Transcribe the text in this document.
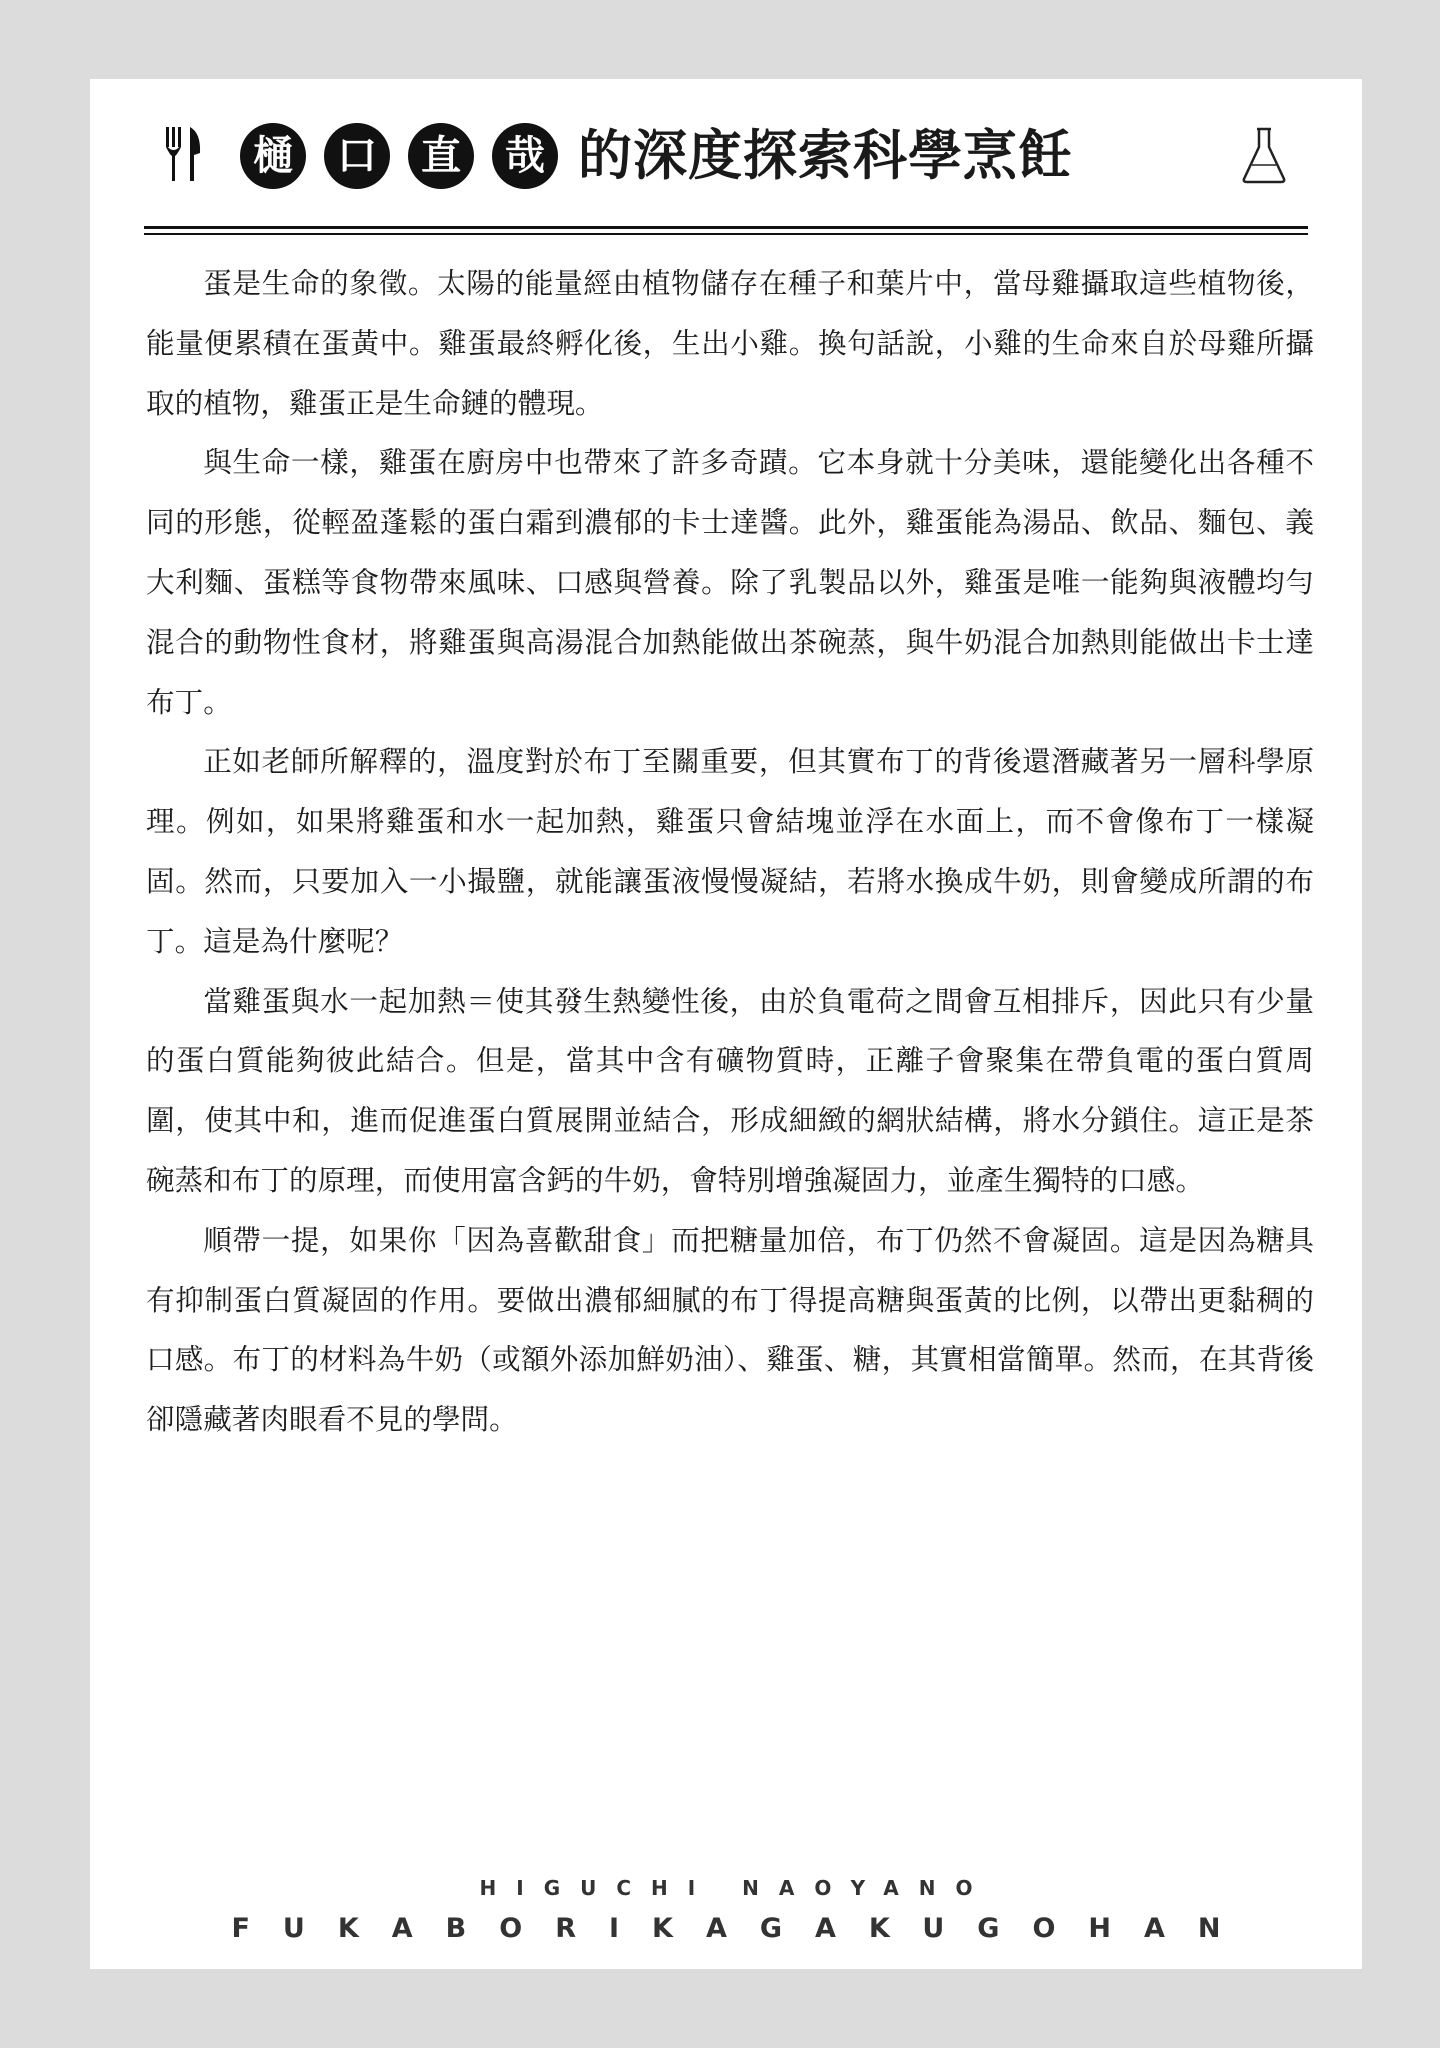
樋	口	直	哉 的深度探索科學烹飪

蛋是生命的象徵。太陽的能量經由植物儲存在種子和葉片中，當母雞攝取這些植物後，能量便累積在蛋黃中。雞蛋最終孵化後，生出小雞。換句話說，小雞的生命來自於母雞所攝取的植物，雞蛋正是生命鏈的體現。

與生命一樣，雞蛋在廚房中也帶來了許多奇蹟。它本身就十分美味，還能變化出各種不同的形態，從輕盈蓬鬆的蛋白霜到濃郁的卡士達醬。此外，雞蛋能為湯品、飲品、麵包、義大利麵、蛋糕等食物帶來風味、口感與營養。除了乳製品以外，雞蛋是唯一能夠與液體均勻混合的動物性食材，將雞蛋與高湯混合加熱能做出茶碗蒸，與牛奶混合加熱則能做出卡士達布丁。

正如老師所解釋的，溫度對於布丁至關重要，但其實布丁的背後還潛藏著另一層科學原理。例如，如果將雞蛋和水一起加熱，雞蛋只會結塊並浮在水面上，而不會像布丁一樣凝固。然而，只要加入一小撮鹽，就能讓蛋液慢慢凝結，若將水換成牛奶，則會變成所謂的布丁。這是為什麼呢？

當雞蛋與水一起加熱＝使其發生熱變性後，由於負電荷之間會互相排斥，因此只有少量的蛋白質能夠彼此結合。但是，當其中含有礦物質時，正離子會聚集在帶負電的蛋白質周圍，使其中和，進而促進蛋白質展開並結合，形成細緻的網狀結構，將水分鎖住。這正是茶碗蒸和布丁的原理，而使用富含鈣的牛奶，會特別增強凝固力，並產生獨特的口感。

順帶一提，如果你「因為喜歡甜食」而把糖量加倍，布丁仍然不會凝固。這是因為糖具有抑制蛋白質凝固的作用。要做出濃郁細膩的布丁得提高糖與蛋黃的比例，以帶出更黏稠的口感。布丁的材料為牛奶（或額外添加鮮奶油）、雞蛋、糖，其實相當簡單。然而，在其背後卻隱藏著肉眼看不見的學問。

HIGUCHI NAOYANO
FUKABORIKAGAKUGOHAN
